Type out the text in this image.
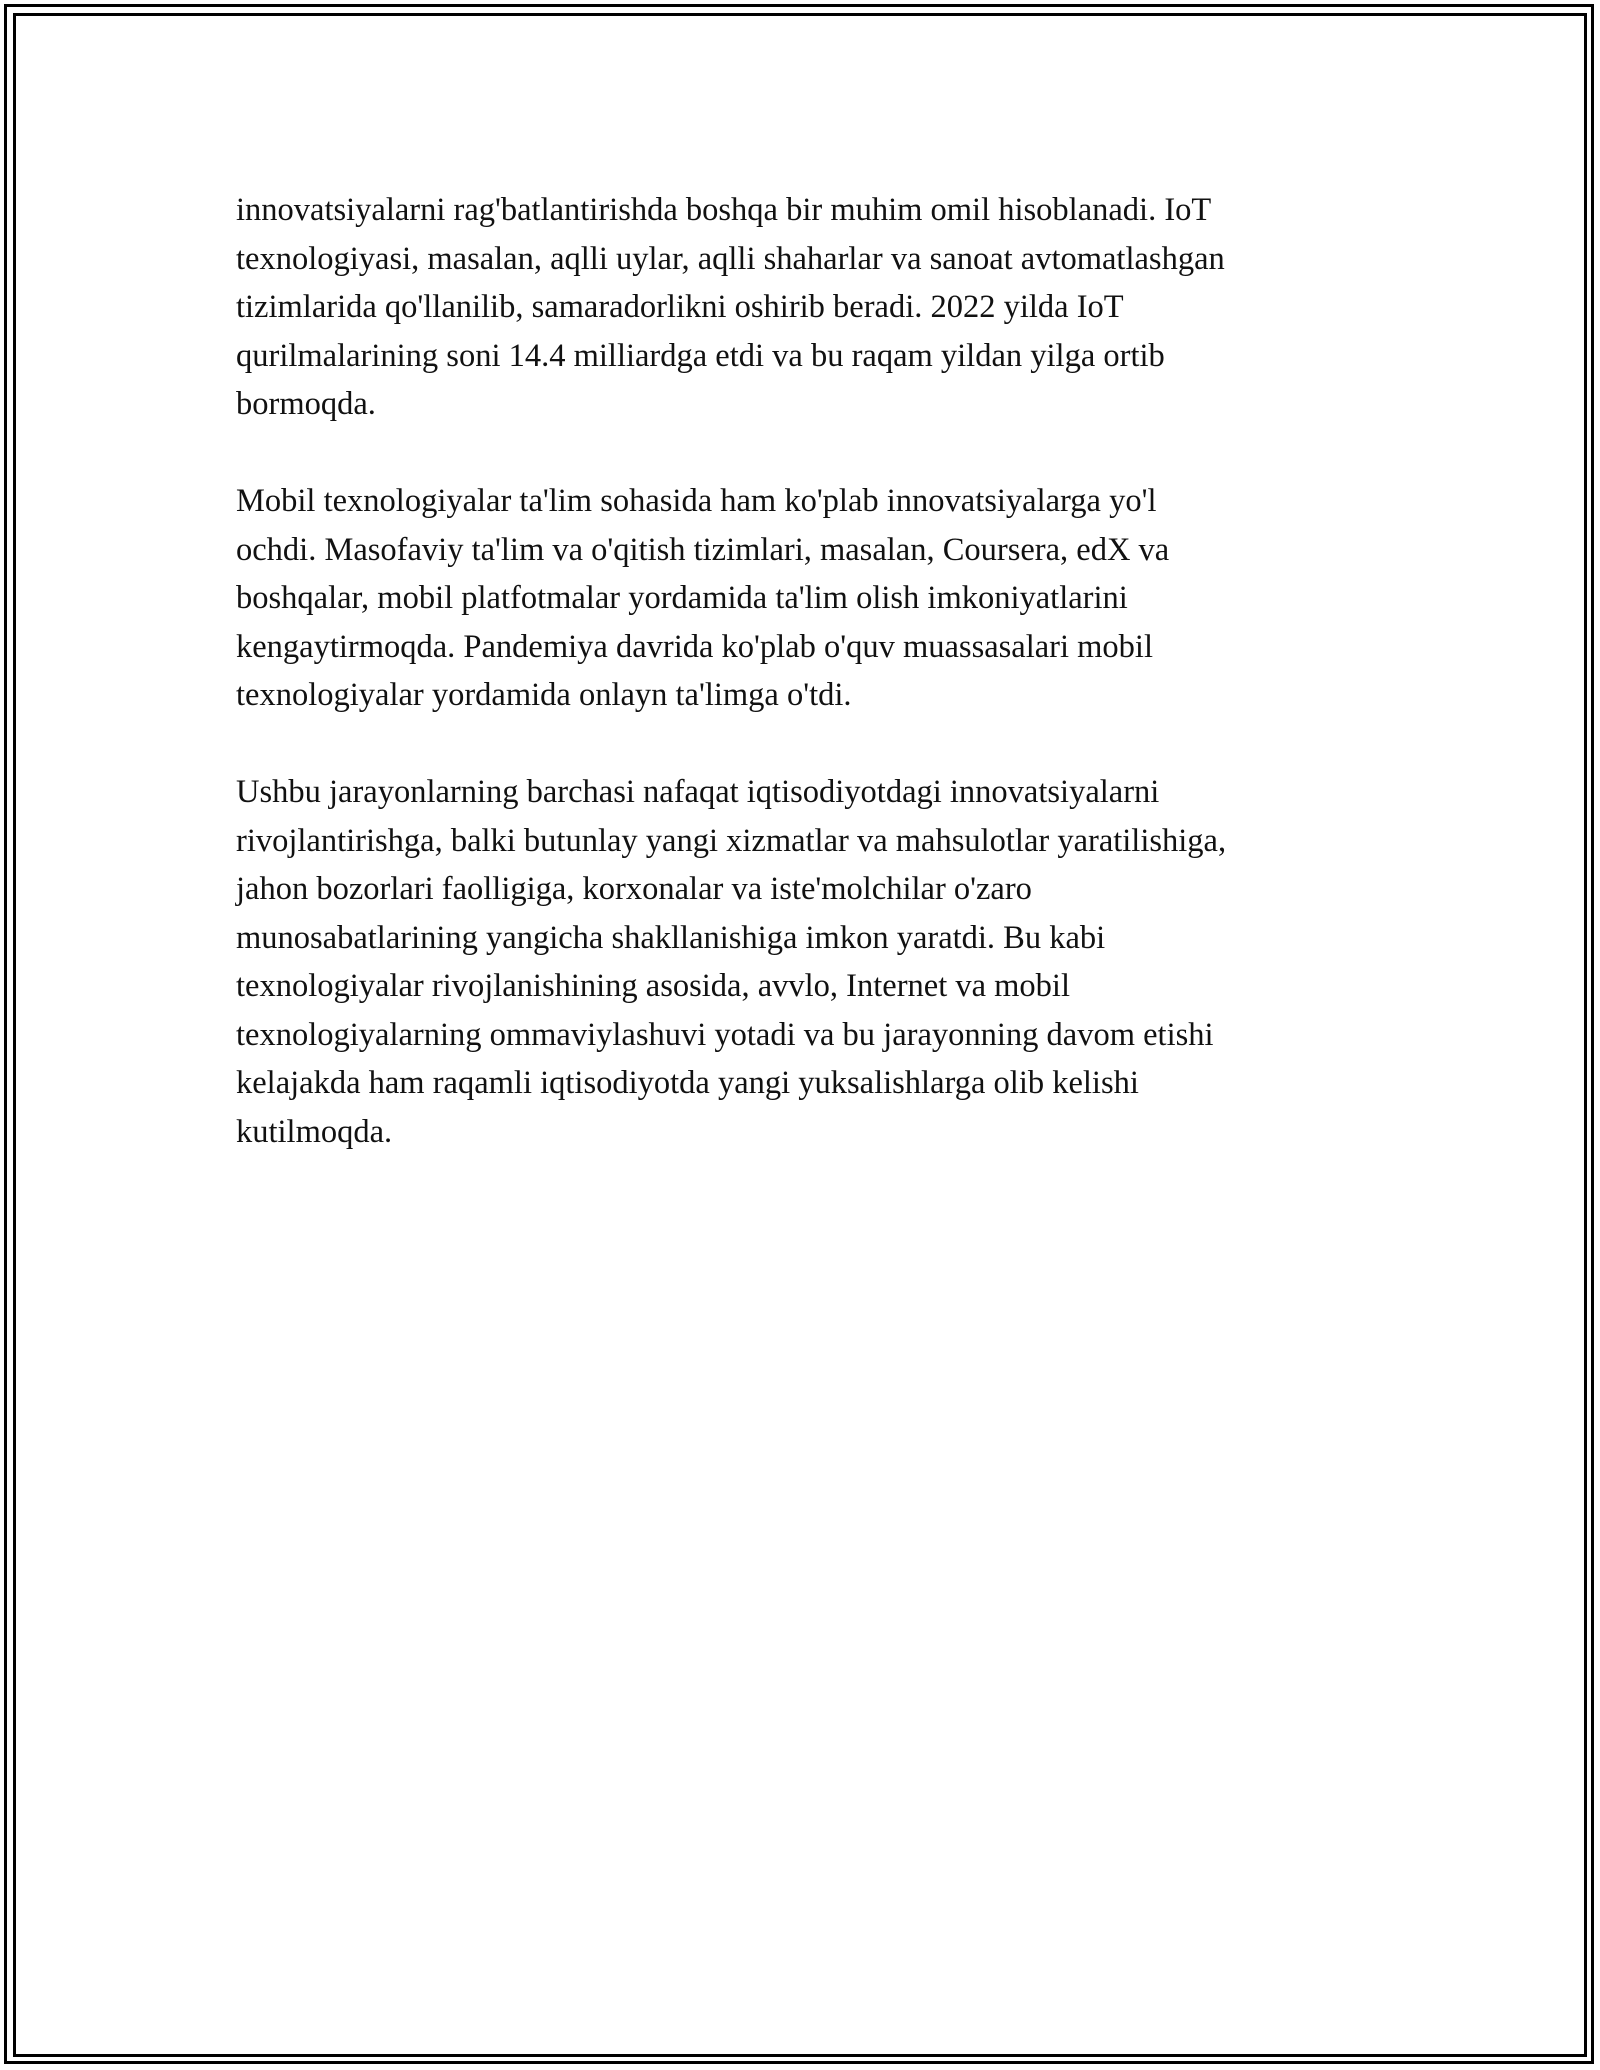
innovatsiyalarni rag'batlantirishda boshqa bir muhim omil hisoblanadi. IoT
texnologiyasi, masalan, aqlli uylar, aqlli shaharlar va sanoat avtomatlashgan
tizimlarida qo'llanilib, samaradorlikni oshirib beradi. 2022 yilda IoT
qurilmalarining soni 14.4 milliardga etdi va bu raqam yildan yilga ortib
bormoqda.

Mobil texnologiyalar ta'lim sohasida ham ko'plab innovatsiyalarga yo'l
ochdi. Masofaviy ta'lim va o'qitish tizimlari, masalan, Coursera, edX va
boshqalar, mobil platfotmalar yordamida ta'lim olish imkoniyatlarini
kengaytirmoqda. Pandemiya davrida ko'plab o'quv muassasalari mobil
texnologiyalar yordamida onlayn ta'limga o'tdi.

Ushbu jarayonlarning barchasi nafaqat iqtisodiyotdagi innovatsiyalarni
rivojlantirishga, balki butunlay yangi xizmatlar va mahsulotlar yaratilishiga,
jahon bozorlari faolligiga, korxonalar va iste'molchilar o'zaro
munosabatlarining yangicha shakllanishiga imkon yaratdi. Bu kabi
texnologiyalar rivojlanishining asosida, avvlo, Internet va mobil
texnologiyalarning ommaviylashuvi yotadi va bu jarayonning davom etishi
kelajakda ham raqamli iqtisodiyotda yangi yuksalishlarga olib kelishi
kutilmoqda.
